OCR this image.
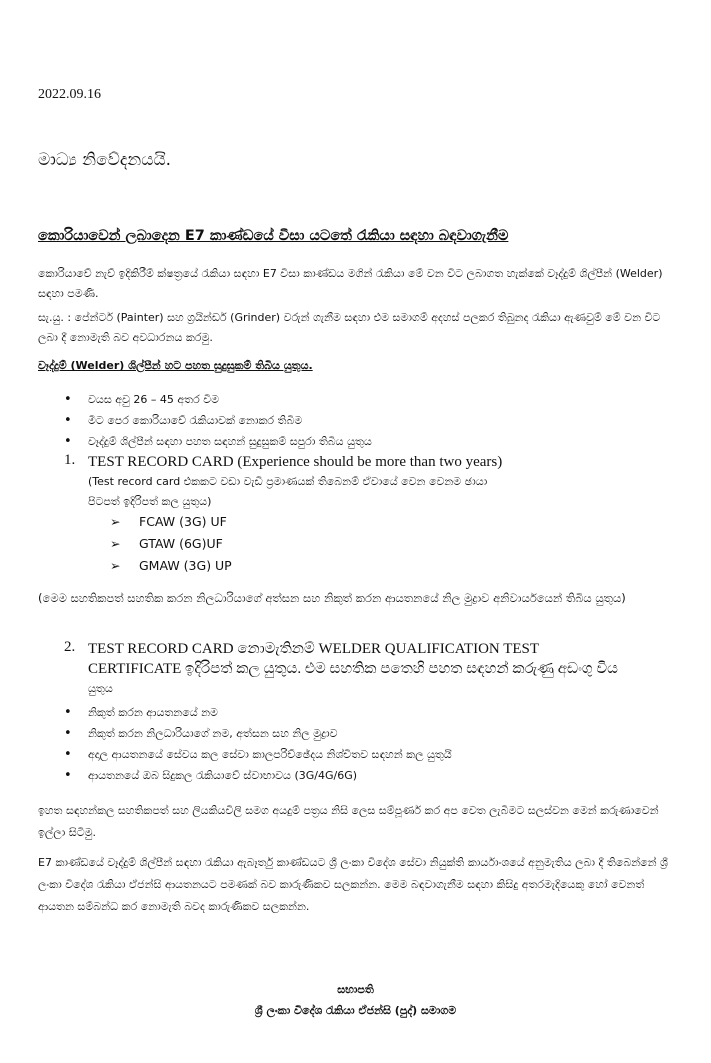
2022.09.16
මාධ්‍ය නිවේදනයයි.
කොරියාවෙන් ලබාදෙන E7 කාණ්ඩයේ වීසා යටතේ රැකියා සඳහා බඳවාගැනීම
කොරියාවේ නැව් ඉදිකිරීම් ක්ෂත්‍රයේ රැකියා සඳහා E7 වීසා කාණ්ඩය මගින් රැකියා මේ වන විට ලබාගත හැක්කේ වෑද්දුම් ශිල්පීන් (Welder) සඳහා පමණි.
සැ.යු. : පේන්ටර් (Painter) සහ ග්‍රයින්ඩර් (Grinder) වරුන් ගැනීම සඳහා එම සමාගම් අදහස් පලකර තිබුනද රැකියා ඇණවුම් මේ වන විට ලබා දී නොමැති බව අවධාරනය කරමු.
වෑද්දුම් (Welder) ශිල්පීන් හට පහත සුදුසුකම් තිබිය යුතුය.
• වයස අවු 26 – 45 අතර වීම
• මීට පෙර කොරියාවේ රැකියාවක් නොකර තිබීම
• වෑද්දුම් ශිල්පීන් සඳහා පහත සඳහන් සුදුසුකම් සපුරා තිබිය යුතුය
1. TEST RECORD CARD (Experience should be more than two years)
(Test record card එකකට වඩා වැඩි ප්‍රමාණයක් තිබෙනම් ඒවායේ වෙන වෙනම ඡායා
පිටපත් ඉදිරිපත් කල යුතුය)
➢ FCAW (3G) UF
➢ GTAW (6G)UF
➢ GMAW (3G) UP
(මෙම සහතිකපත් සහතික කරන නිලධාරියාගේ අත්සන සහ නිකුත් කරන ආයතනයේ නිල මුද්‍රාව අනිවාර්යයෙන් තිබිය යුතුය)
2. TEST RECORD CARD නොමැතිනම් WELDER QUALIFICATION TEST
CERTIFICATE ඉදිරිපත් කල යුතුය. එම සහතික පතෙහි පහත සඳහන් කරුණු අඩංගු විය
යුතුය
• නිකුත් කරන ආයතනයේ නම
• නිකුත් කරන නිලධාරියාගේ නම, අත්සන සහ නිල මුද්‍රාව
• අදාල ආයතනයේ සේවය කල සේවා කාලපරිච්ඡේදය නිශ්චිතව සඳහන් කල යුතුයි
• ආයතනයේ ඔබ සිදුකල රැකියාවේ ස්වාභාවය (3G/4G/6G)
ඉහත සඳහන්කල සහතිකපත් සහ ලියකියවිලි සමග අයදුම් පත්‍රය නිසි ලෙස සම්පූර්ණ කර අප වෙත ලැබීමට සලස්වන මෙන් කරුණාවෙන් ඉල්ලා සිටිමු.
E7 කාණ්ඩයේ වෑද්දුම් ශිල්පීන් සඳහා රැකියා ඇබෑර්තු කාණ්ඩයට ශ්‍රී ලංකා විදේශ සේවා නියුක්ති කාර්යාංශයේ අනුමැතිය ලබා දී තිබෙන්නේ ශ්‍රී ලංකා විදේශ රැකියා ඒජන්සි ආයතනයට පමණක් බව කාරුණිකව සලකන්න. මෙම බඳවාගැනීම සඳහා කිසිදු අතරමැදියෙකු හෝ වෙනත් ආයතන සම්බන්ධ කර නොමැති බවද කාරුණිකව සලකන්න.
සභාපති
ශ්‍රී ලංකා විදේශ රැකියා ඒජන්සි (පුද්) සමාගම
